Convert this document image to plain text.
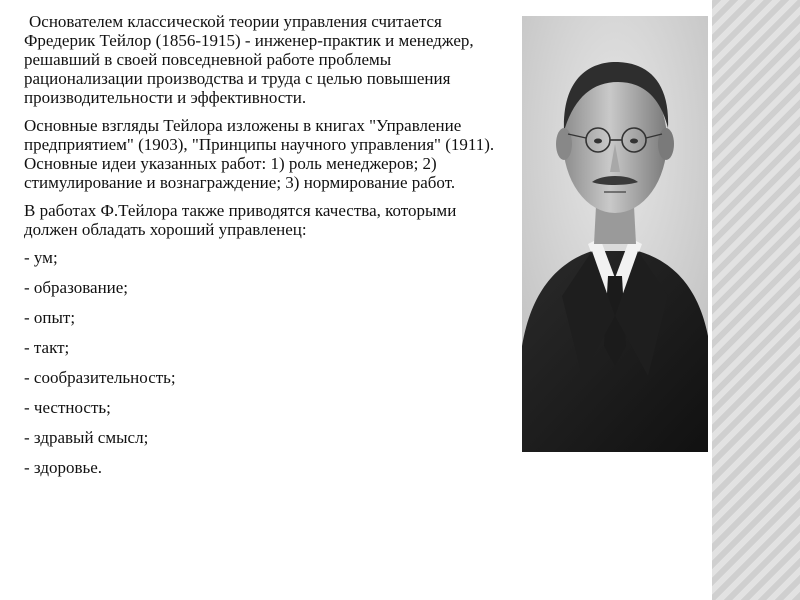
Основателем классической теории управления считается Фредерик Тейлор (1856-1915) - инженер-практик и менеджер, решавший в своей повседневной работе проблемы рационализации производства и труда с целью повышения производительности и эффективности.

Основные взгляды Тейлора изложены в книгах "Управление предприятием" (1903), "Принципы научного управления" (1911). Основные идеи указанных работ: 1) роль менеджеров; 2) стимулирование и вознаграждение; 3) нормирование работ.

В работах Ф.Тейлора также приводятся качества, которыми должен обладать хороший управленец:

- ум;
- образование;
- опыт;
- такт;
- сообразительность;
- честность;
- здравый смысл;
- здоровье.
